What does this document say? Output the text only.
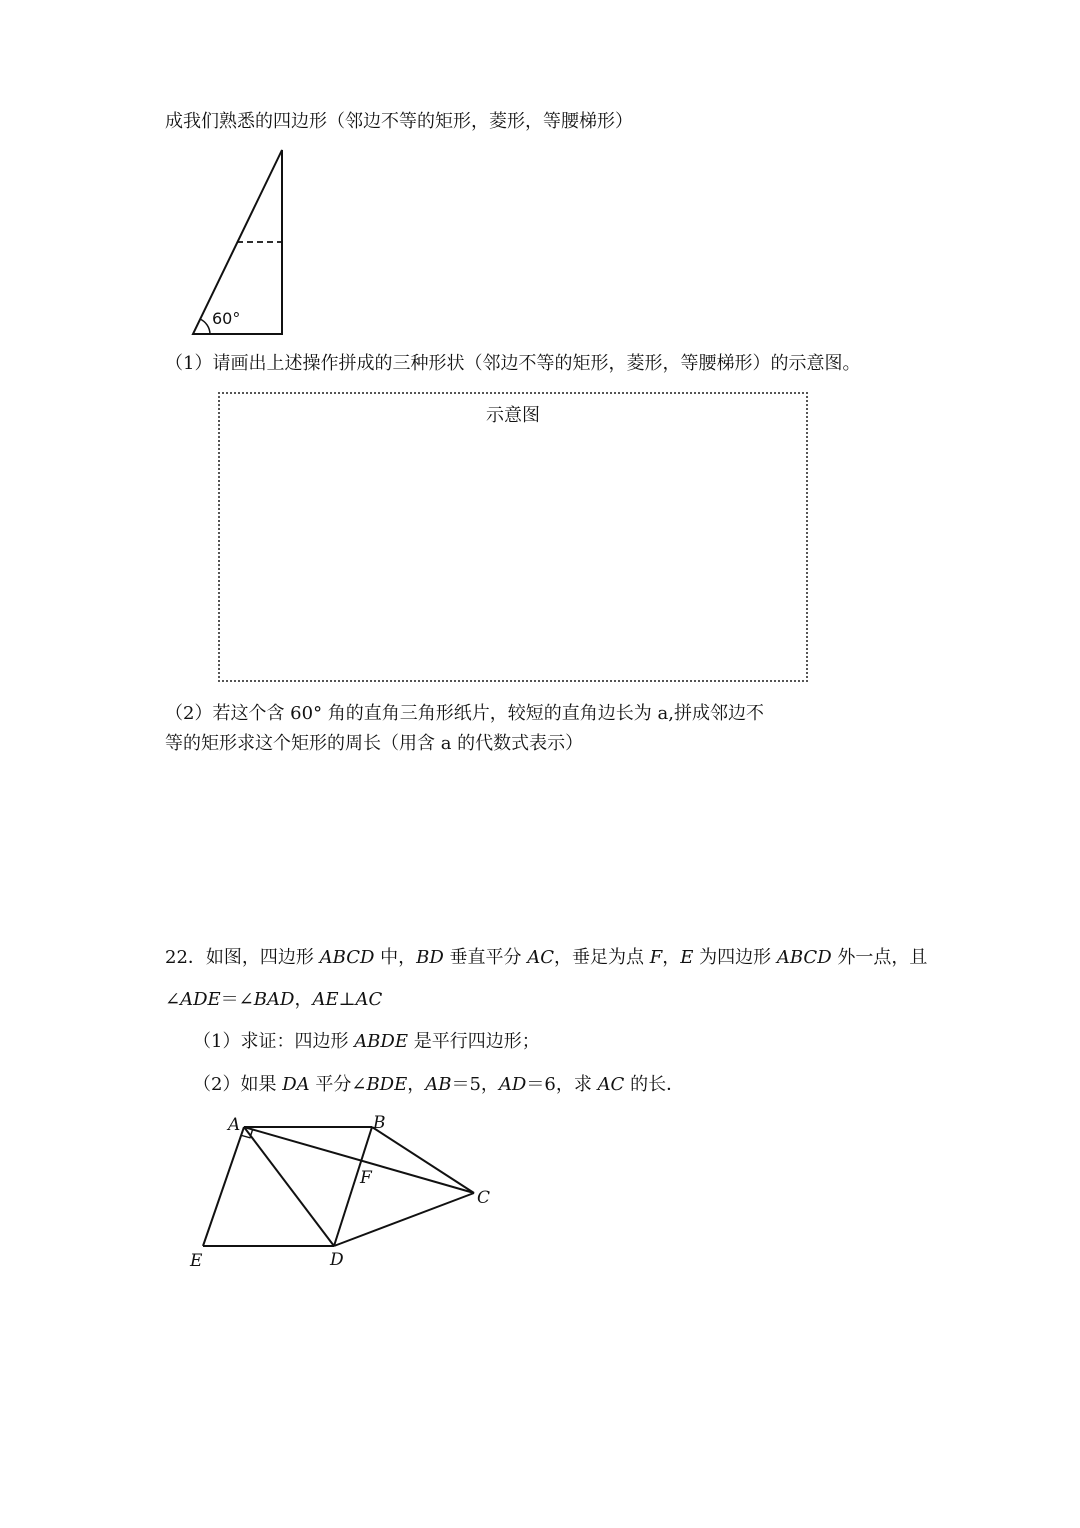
成我们熟悉的四边形（邻边不等的矩形，菱形，等腰梯形）
60°
（1）请画出上述操作拼成的三种形状（邻边不等的矩形，菱形，等腰梯形）的示意图。
示意图
（2）若这个含 60° 角的直角三角形纸片，较短的直角边长为 a,拼成邻边不
等的矩形求这个矩形的周长（用含 a 的代数式表示）
22．如图，四边形 ABCD 中，BD 垂直平分 AC，垂足为点 F，E 为四边形 ABCD 外一点，且
∠ADE＝∠BAD，AE⊥AC
（1）求证：四边形 ABDE 是平行四边形；
（2）如果 DA 平分∠BDE，AB＝5，AD＝6，求 AC 的长．
A	B
C
D
E
F
